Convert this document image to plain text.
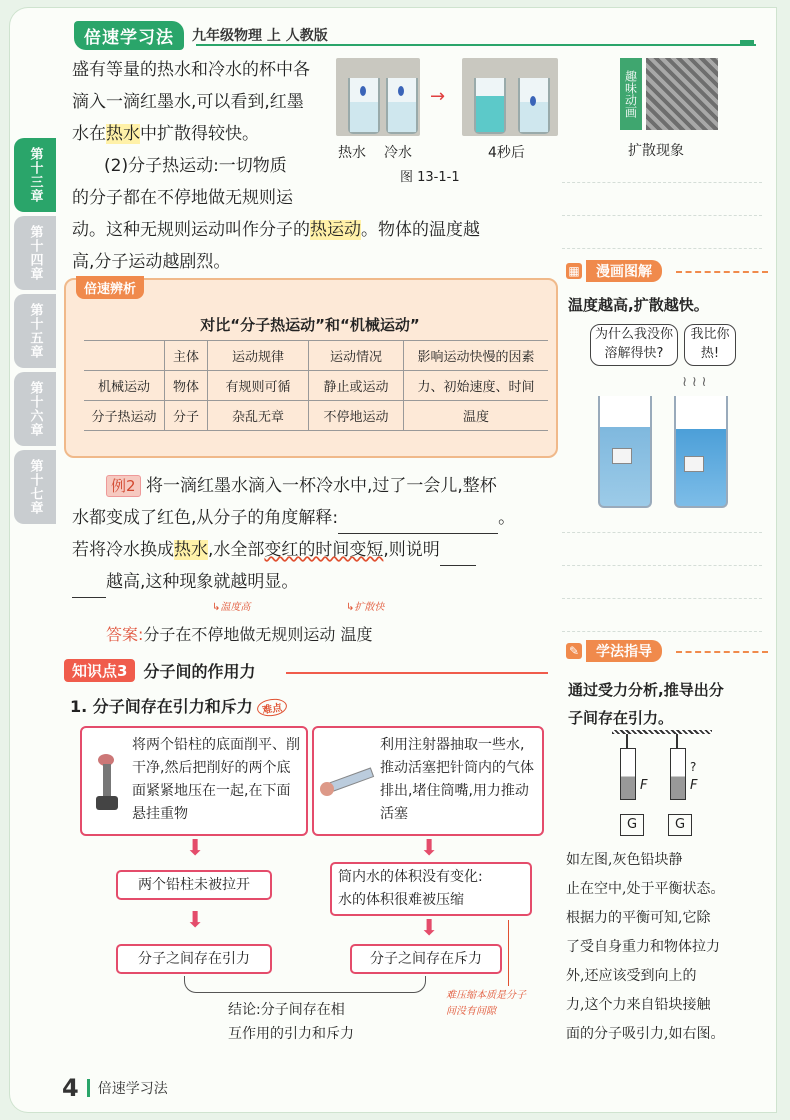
倍速学习法	九年级物理 上 人教版
第十三章
第十四章
第十五章
第十六章
第十七章
盛有等量的热水和冷水的杯中各
滴入一滴红墨水,可以看到,红墨
水在热水中扩散得较快。
(2)分子热运动:一切物质
的分子都在不停地做无规则运
动。这种无规则运动叫作分子的热运动。物体的温度越
高,分子运动越剧烈。
→
热水 冷水	4秒后
图 13-1-1
趣味动画
扩散现象
倍速辨析
对比“分子热运动”和“机械运动”
	主体	运动规律	运动情况	影响运动快慢的因素
机械运动	物体	有规则可循	静止或运动	力、初始速度、时间
分子热运动	分子	杂乱无章	不停地运动	温度
例2 将一滴红墨水滴入一杯冷水中,过了一会儿,整杯
水都变成了红色,从分子的角度解释:	。
若将冷水换成热水,水全部变红的时间变短,则说明
越高,这种现象就越明显。
↳温度高	↳扩散快
答案:分子在不停地做无规则运动 温度
知识点3	分子间的作用力
1. 分子间存在引力和斥力 难点
将两个铅柱的底面削平、削干净,然后把削好的两个底面紧紧地压在一起,在下面悬挂重物
利用注射器抽取一些水,推动活塞把针筒内的气体排出,堵住筒嘴,用力推动活塞
⬇	⬇
两个铅柱未被拉开	筒内水的体积没有变化:
水的体积很难被压缩
⬇	⬇
分子之间存在引力	分子之间存在斥力
难压缩本质是分子间没有间隙
结论:分子间存在相
互作用的引力和斥力
▦	漫画图解
温度越高,扩散越快。
为什么我没你溶解得快?
我比你热!
≀ ≀ ≀
✎	学法指导
通过受力分析,推导出分
子间存在引力。
G
F
?
F
G
如左图,灰色铅块静
止在空中,处于平衡状态。
根据力的平衡可知,它除
了受自身重力和物体拉力
外,还应该受到向上的
力,这个力来自铅块接触
面的分子吸引力,如右图。
4 倍速学习法
